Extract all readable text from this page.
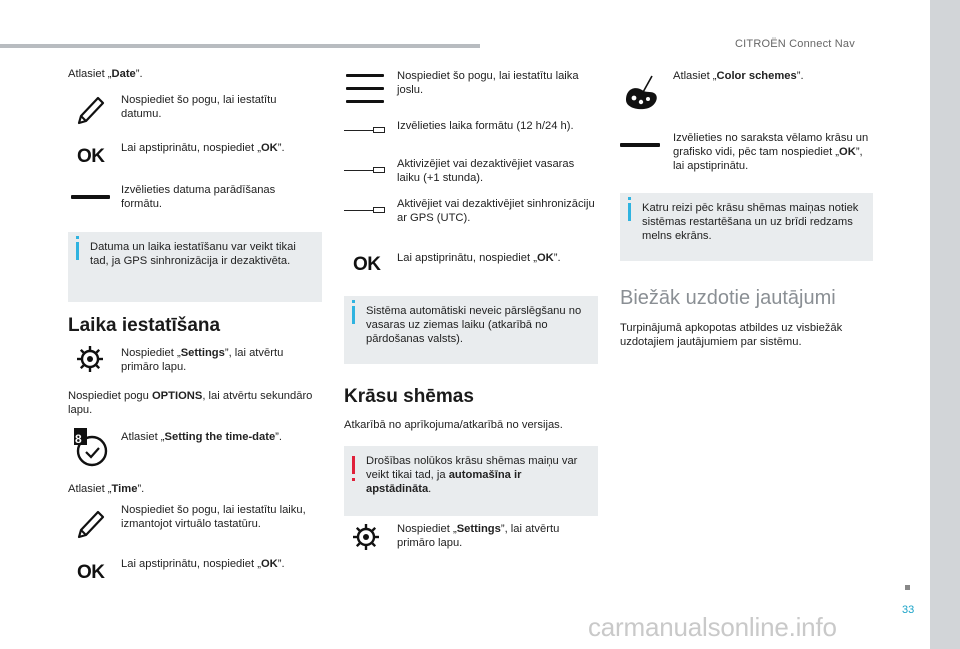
CITROËN Connect Nav
33
carmanualsonline.info
Atlasiet „Date”.
Nospiediet šo pogu, lai iestatītu datumu.
OK Lai apstiprinātu, nospiediet „OK”.
Izvēlieties datuma parādīšanas formātu.
Datuma un laika iestatīšanu var veikt tikai tad, ja GPS sinhronizācija ir dezaktivēta.
Laika iestatīšana
Nospiediet „Settings”, lai atvērtu primāro lapu.
Nospiediet pogu OPTIONS, lai atvērtu sekundāro lapu.
8	Atlasiet „Setting the time-date”.
Atlasiet „Time”.
Nospiediet šo pogu, lai iestatītu laiku, izmantojot virtuālo tastatūru.
OK Lai apstiprinātu, nospiediet „OK”.
Nospiediet šo pogu, lai iestatītu laika joslu.
Izvēlieties laika formātu (12 h/24 h).
Aktivizējiet vai dezaktivējiet vasaras laiku (+1 stunda).
Aktivējiet vai dezaktivējiet sinhronizāciju ar GPS (UTC).
OK Lai apstiprinātu, nospiediet „OK”.
Sistēma automātiski neveic pārslēgšanu no vasaras uz ziemas laiku (atkarībā no pārdošanas valsts).
Krāsu shēmas
Atkarībā no aprīkojuma/atkarībā no versijas.
Drošības nolūkos krāsu shēmas maiņu var veikt tikai tad, ja automašīna ir apstādināta.
Nospiediet „Settings”, lai atvērtu primāro lapu.
Atlasiet „Color schemes”.
Izvēlieties no saraksta vēlamo krāsu un grafisko vidi, pēc tam nospiediet „OK”, lai apstiprinātu.
Katru reizi pēc krāsu shēmas maiņas notiek sistēmas restartēšana un uz brīdi redzams melns ekrāns.
Biežāk uzdotie jautājumi
Turpinājumā apkopotas atbildes uz visbiežāk uzdotajiem jautājumiem par sistēmu.
